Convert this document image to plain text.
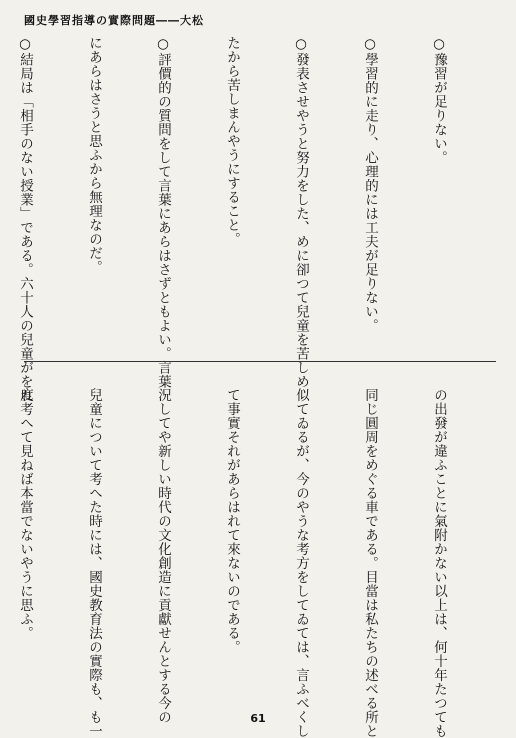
國史學習指導の實際問題――大松

○豫習が足りない。

○學習的に走り、心理的には工夫が足りない。

○發表させやうと努力をした、めに卻つて兒童を苦しめ

たから苦しまんやうにすること。

○評價的の質問をして言葉にあらはさずともよい。言葉

にあらはさうと思ふから無理なのだ。

○結局は「相手のない授業」である。六十人の兒童がをれ

の出發が違ふことに氣附かない以上は、何十年たつても

同じ圓周をめぐる車である。目當は私たちの述べる所と

似てゐるが、今のやうな考方をしてゐては、言ふべくし

て事實それがあらはれて來ないのである。

況してや新しい時代の文化創造に貢獻せんとする今の

兒童について考へた時には、國史教育法の實際も、も一

度考へて見ねば本當でないやうに思ふ。

61
